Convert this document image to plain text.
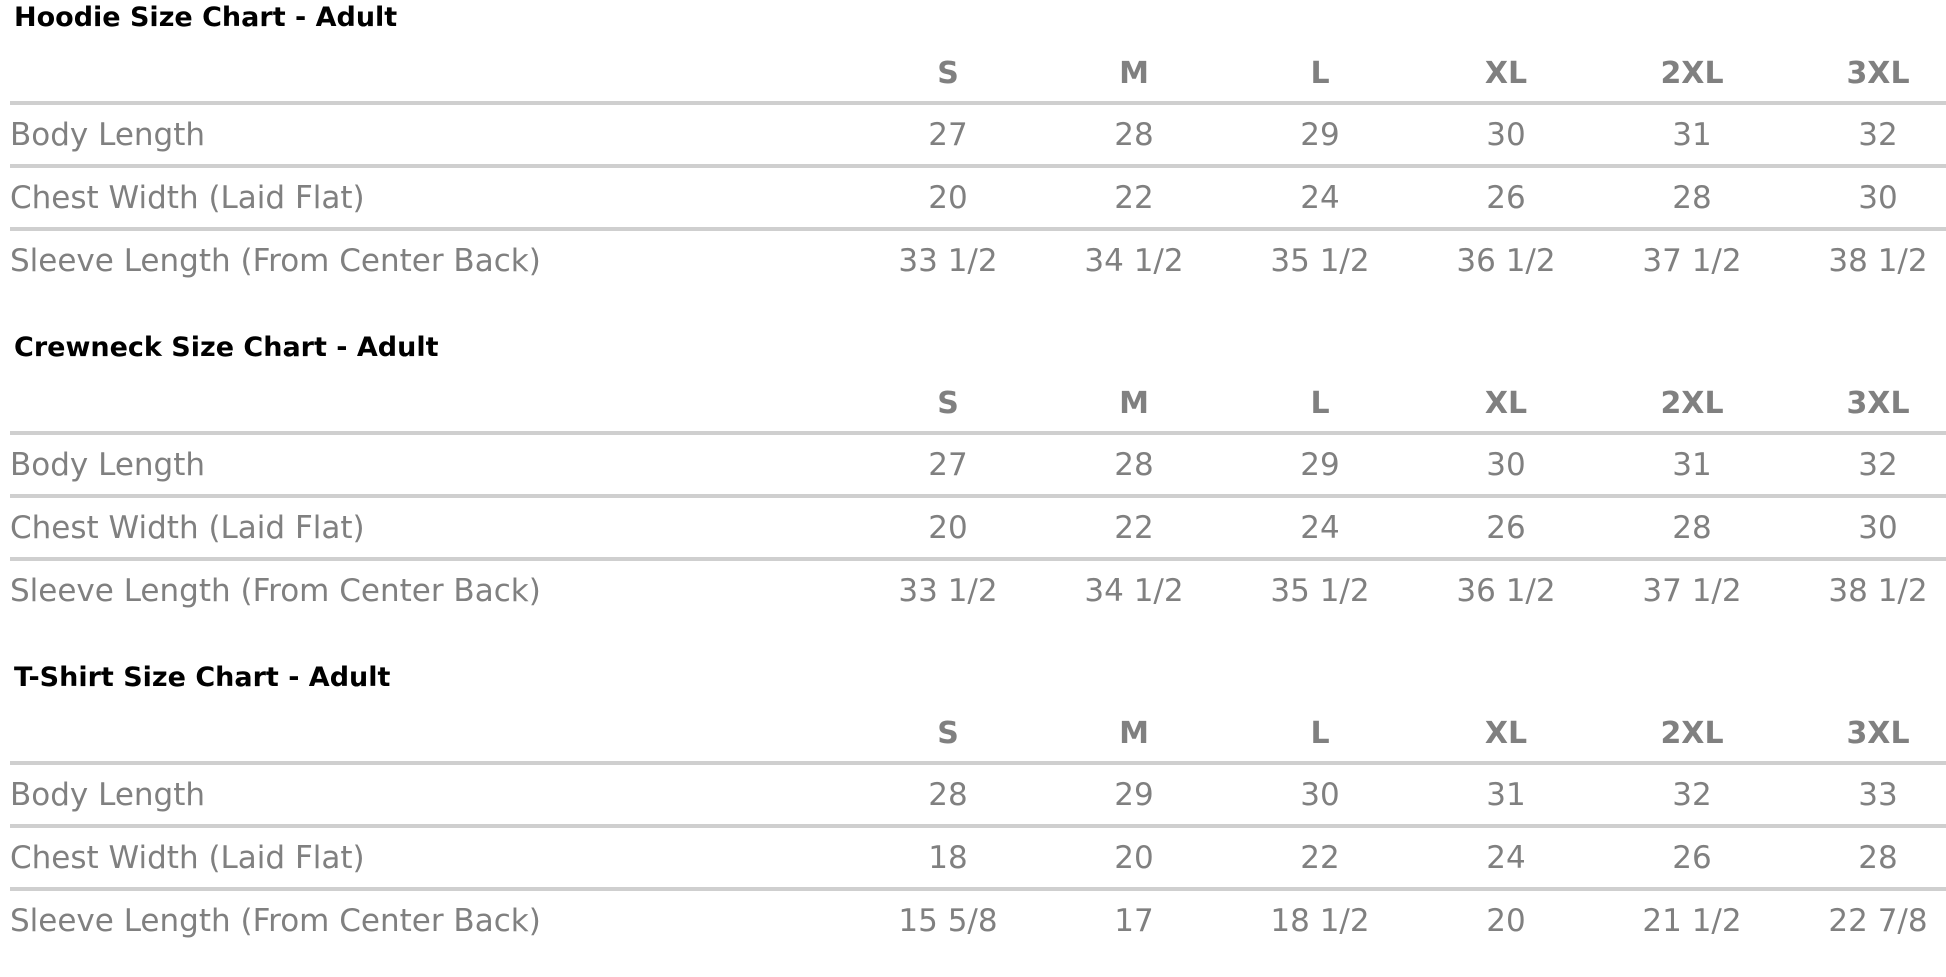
Hoodie Size Chart - Adult
	S	M	L	XL	2XL	3XL
Body Length	27	28	29	30	31	32
Chest Width (Laid Flat)	20	22	24	26	28	30
Sleeve Length (From Center Back)	33 1/2	34 1/2	35 1/2	36 1/2	37 1/2	38 1/2
Crewneck Size Chart - Adult
	S	M	L	XL	2XL	3XL
Body Length	27	28	29	30	31	32
Chest Width (Laid Flat)	20	22	24	26	28	30
Sleeve Length (From Center Back)	33 1/2	34 1/2	35 1/2	36 1/2	37 1/2	38 1/2
T-Shirt Size Chart - Adult
	S	M	L	XL	2XL	3XL
Body Length	28	29	30	31	32	33
Chest Width (Laid Flat)	18	20	22	24	26	28
Sleeve Length (From Center Back)	15 5/8	17	18 1/2	20	21 1/2	22 7/8
